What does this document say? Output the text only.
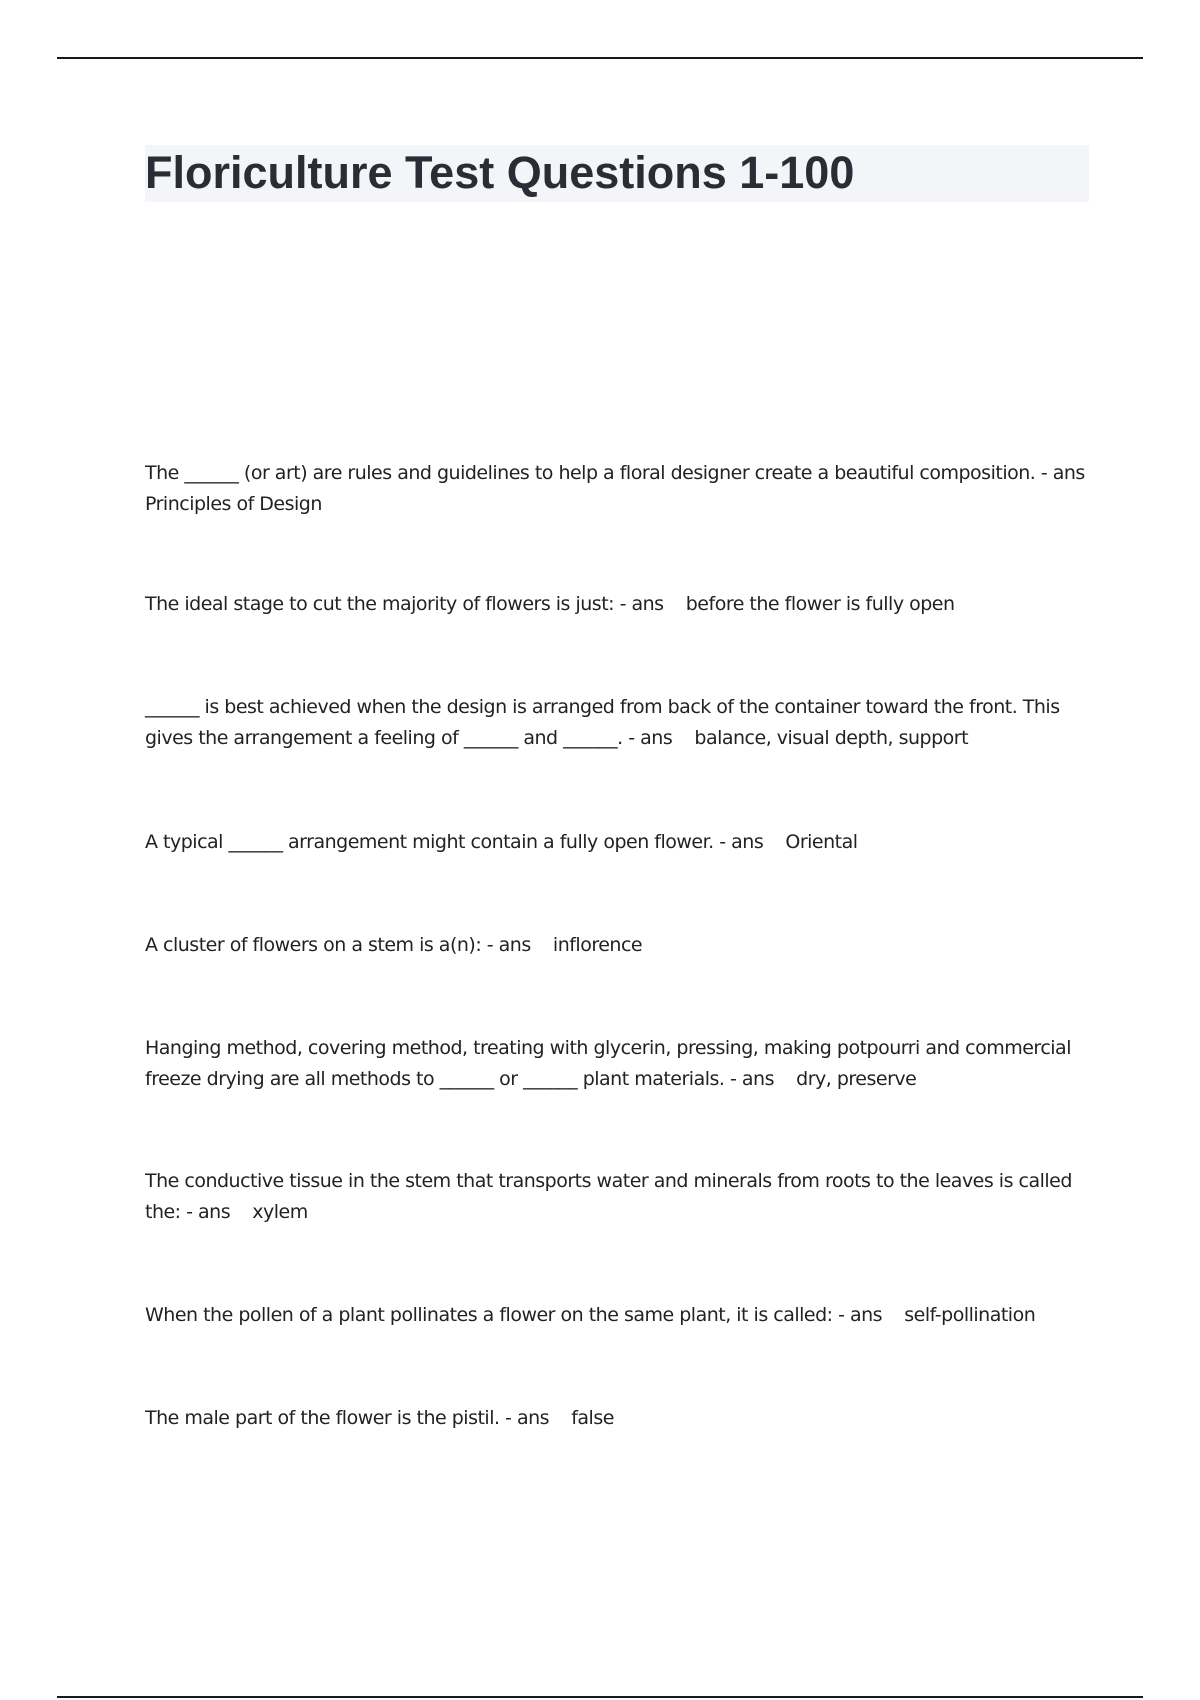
Floriculture Test Questions 1-100

The ______ (or art) are rules and guidelines to help a floral designer create a beautiful composition. - ans Principles of Design

The ideal stage to cut the majority of flowers is just: - ans before the flower is fully open

______ is best achieved when the design is arranged from back of the container toward the front. This gives the arrangement a feeling of ______ and ______. - ans balance, visual depth, support

A typical ______ arrangement might contain a fully open flower. - ans Oriental

A cluster of flowers on a stem is a(n): - ans inflorence

Hanging method, covering method, treating with glycerin, pressing, making potpourri and commercial freeze drying are all methods to ______ or ______ plant materials. - ans dry, preserve

The conductive tissue in the stem that transports water and minerals from roots to the leaves is called the: - ans xylem

When the pollen of a plant pollinates a flower on the same plant, it is called: - ans self-pollination

The male part of the flower is the pistil. - ans false
